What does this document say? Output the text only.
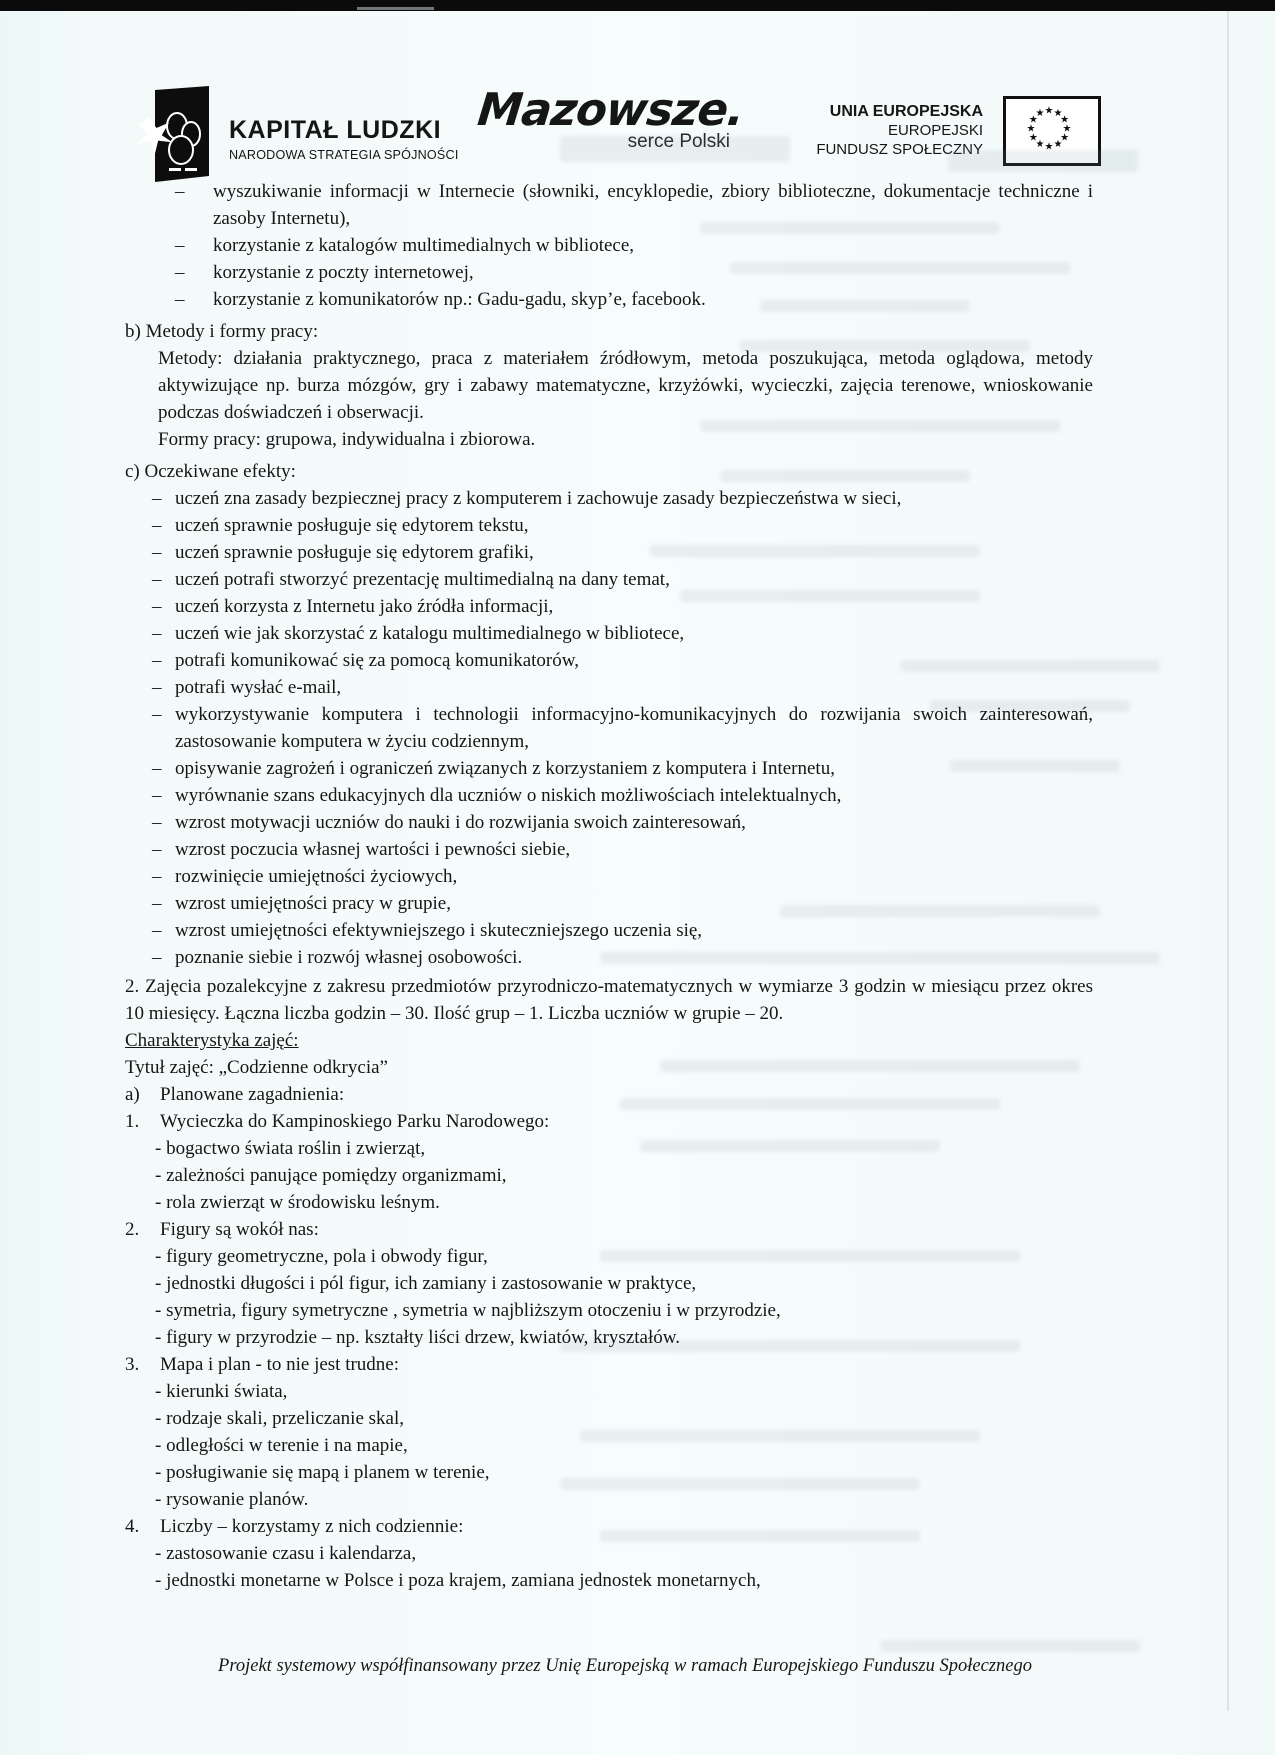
KAPITAŁ LUDZKI
NARODOWA STRATEGIA SPÓJNOŚCI
Mazowsze.
serce Polski
UNIA EUROPEJSKA
EUROPEJSKI
FUNDUSZ SPOŁECZNY
★ ★
★
★
★
★
★
★
★
★
★
★
– wyszukiwanie informacji w Internecie (słowniki, encyklopedie, zbiory biblioteczne, dokumentacje techniczne i zasoby Internetu),
– korzystanie z katalogów multimedialnych w bibliotece,
– korzystanie z poczty internetowej,
– korzystanie z komunikatorów np.: Gadu-gadu, skyp’e, facebook.
b) Metody i formy pracy:
Metody: działania praktycznego, praca z materiałem źródłowym, metoda poszukująca, metoda oglądowa, metody aktywizujące np. burza mózgów, gry i zabawy matematyczne, krzyżówki, wycieczki, zajęcia terenowe, wnioskowanie podczas doświadczeń i obserwacji.
Formy pracy: grupowa, indywidualna i zbiorowa.
c) Oczekiwane efekty:
– uczeń zna zasady bezpiecznej pracy z komputerem i zachowuje zasady bezpieczeństwa w sieci,
– uczeń sprawnie posługuje się edytorem tekstu,
– uczeń sprawnie posługuje się edytorem grafiki,
– uczeń potrafi stworzyć prezentację multimedialną na dany temat,
– uczeń korzysta z Internetu jako źródła informacji,
– uczeń wie jak skorzystać z katalogu multimedialnego w bibliotece,
– potrafi komunikować się za pomocą komunikatorów,
– potrafi wysłać e-mail,
– wykorzystywanie komputera i technologii informacyjno-komunikacyjnych do rozwijania swoich zainteresowań, zastosowanie komputera w życiu codziennym,
– opisywanie zagrożeń i ograniczeń związanych z korzystaniem z komputera i Internetu,
– wyrównanie szans edukacyjnych dla uczniów o niskich możliwościach intelektualnych,
– wzrost motywacji uczniów do nauki i do rozwijania swoich zainteresowań,
– wzrost poczucia własnej wartości i pewności siebie,
– rozwinięcie umiejętności życiowych,
– wzrost umiejętności pracy w grupie,
– wzrost umiejętności efektywniejszego i skuteczniejszego uczenia się,
– poznanie siebie i rozwój własnej osobowości.
2. Zajęcia pozalekcyjne z zakresu przedmiotów przyrodniczo-matematycznych w wymiarze 3 godzin w miesiącu przez okres 10 miesięcy. Łączna liczba godzin – 30. Ilość grup – 1. Liczba uczniów w grupie – 20.
Charakterystyka zajęć:
Tytuł zajęć: „Codzienne odkrycia”
a)	Planowane zagadnienia:
1.	Wycieczka do Kampinoskiego Parku Narodowego:
- bogactwo świata roślin i zwierząt,
- zależności panujące pomiędzy organizmami,
- rola zwierząt w środowisku leśnym.
2.	Figury są wokół nas:
- figury geometryczne, pola i obwody figur,
- jednostki długości i pól figur, ich zamiany i zastosowanie w praktyce,
- symetria, figury symetryczne , symetria w najbliższym otoczeniu i w przyrodzie,
- figury w przyrodzie – np. kształty liści drzew, kwiatów, kryształów.
3.	Mapa i plan - to nie jest trudne:
- kierunki świata,
- rodzaje skali, przeliczanie skal,
- odległości w terenie i na mapie,
- posługiwanie się mapą i planem w terenie,
- rysowanie planów.
4.	Liczby – korzystamy z nich codziennie:
- zastosowanie czasu i kalendarza,
- jednostki monetarne w Polsce i poza krajem, zamiana jednostek monetarnych,
Projekt systemowy współfinansowany przez Unię Europejską w ramach Europejskiego Funduszu Społecznego
